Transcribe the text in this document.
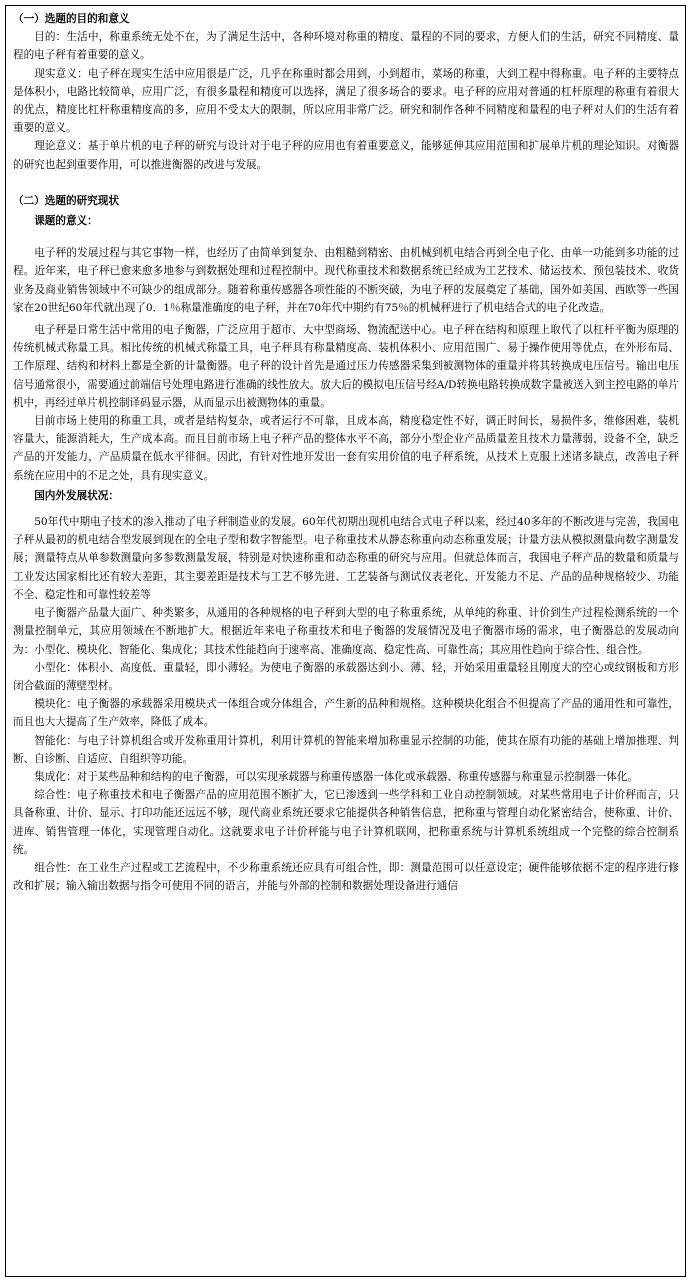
（一）选题的目的和意义

目的：生活中，称重系统无处不在，为了满足生活中，各种环境对称重的精度、量程的不同的要求，方便人们的生活，研究不同精度、量程的电子秤有着重要的意义。

现实意义：电子秤在现实生活中应用很是广泛，几乎在称重时都会用到，小到超市，菜场的称重，大到工程中得称重。电子秤的主要特点是体积小，电路比较简单，应用广泛，有很多量程和精度可以选择，满足了很多场合的要求。电子秤的应用对普通的杠杆原理的称重有着很大的优点，精度比杠杆称重精度高的多，应用不受太大的限制，所以应用非常广泛。研究和制作各种不同精度和量程的电子秤对人们的生活有着重要的意义。

理论意义：基于单片机的电子秤的研究与设计对于电子秤的应用也有着重要意义，能够延伸其应用范围和扩展单片机的理论知识。对衡器的研究也起到重要作用，可以推进衡器的改进与发展。

（二）选题的研究现状
课题的意义：

电子秤的发展过程与其它事物一样，也经历了由简单到复杂、由粗糙到精密、由机械到机电结合再到全电子化、由单一功能到多功能的过程。近年来，电子秤已愈来愈多地参与到数据处理和过程控制中。现代称重技术和数据系统已经成为工艺技术、储运技术、预包装技术、收货业务及商业销售领域中不可缺少的组成部分。随着称重传感器各项性能的不断突破，为电子秤的发展奠定了基础，国外如美国、西欧等一些国家在20世纪60年代就出现了0．1％称量准确度的电子秤，并在70年代中期约有75％的机械秤进行了机电结合式的电子化改造。

电子秤是日常生活中常用的电子衡器，广泛应用于超市、大中型商场、物流配送中心。电子秤在结构和原理上取代了以杠杆平衡为原理的传统机械式称量工具。相比传统的机械式称量工具，电子秤具有称量精度高、装机体积小、应用范围广、易于操作使用等优点，在外形布局、工作原理、结构和材料上都是全新的计量衡器。电子秤的设计首先是通过压力传感器采集到被测物体的重量并将其转换成电压信号。输出电压信号通常很小，需要通过前端信号处理电路进行准确的线性放大。放大后的模拟电压信号经A/D转换电路转换成数字量被送入到主控电路的单片机中，再经过单片机控制译码显示器，从而显示出被测物体的重量。

目前市场上使用的称重工具，或者是结构复杂，或者运行不可靠，且成本高，精度稳定性不好，调正时间长，易损件多，维修困难，装机容量大，能源消耗大，生产成本高。而且目前市场上电子秤产品的整体水平不高，部分小型企业产品质量差且技术力量薄弱，设备不全，缺乏产品的开发能力，产品质量在低水平徘徊。因此，有针对性地开发出一套有实用价值的电子秤系统，从技术上克服上述诸多缺点，改善电子秤系统在应用中的不足之处，具有现实意义。

国内外发展状况：

50年代中期电子技术的渗入推动了电子秤制造业的发展。60年代初期出现机电结合式电子秤以来，经过40多年的不断改进与完善，我国电子秤从最初的机电结合型发展到现在的全电子型和数字智能型。电子称重技术从静态称重向动态称重发展；计量方法从模拟测量向数字测量发展；测量特点从单参数测量向多参数测量发展，特别是对快速称重和动态称重的研究与应用。但就总体而言，我国电子秤产品的数量和质量与工业发达国家相比还有较大差距，其主要差距是技术与工艺不够先进、工艺装备与测试仪表老化、开发能力不足、产品的品种规格较少、功能不全、稳定性和可靠性较差等

电子衡器产品量大面广、种类繁多，从通用的各种规格的电子秤到大型的电子称重系统，从单纯的称重、计价到生产过程检测系统的一个测量控制单元，其应用领域在不断地扩大。根据近年来电子称重技术和电子衡器的发展情况及电子衡器市场的需求，电子衡器总的发展动向为：小型化、模块化、智能化、集成化；其技术性能趋向于速率高、准确度高、稳定性高、可靠性高；其应用性趋向于综合性、组合性。

小型化：体积小、高度低、重量轻，即小薄轻。为使电子衡器的承载器达到小、薄、轻，开始采用重量轻且刚度大的空心或纹钢板和方形闭合截面的薄壁型材。

模块化：电子衡器的承载器采用模块式一体组合或分体组合，产生新的品种和规格。这种模块化组合不但提高了产品的通用性和可靠性，而且也大大提高了生产效率，降低了成本。

智能化：与电子计算机组合或开发称重用计算机，利用计算机的智能来增加称重显示控制的功能，使其在原有功能的基础上增加推理、判断、自诊断、自适应、自组织等功能。

集成化：对于某些品种和结构的电子衡器，可以实现承载器与称重传感器一体化或承载器、称重传感器与称重显示控制器一体化。

综合性：电子称重技术和电子衡器产品的应用范围不断扩大，它已渗透到一些学科和工业自动控制领域。对某些常用电子计价秤而言，只具备称重、计价、显示、打印功能还远远不够，现代商业系统还要求它能提供各种销售信息，把称重与管理自动化紧密结合，使称重、计价、进库、销售管理一体化，实现管理自动化。这就要求电子计价秤能与电子计算机联网，把称重系统与计算机系统组成一个完整的综合控制系统。

组合性：在工业生产过程或工艺流程中，不少称重系统还应具有可组合性，即：测量范围可以任意设定；硬件能够依据不定的程序进行修改和扩展；输入输出数据与指令可使用不同的语言，并能与外部的控制和数据处理设备进行通信
